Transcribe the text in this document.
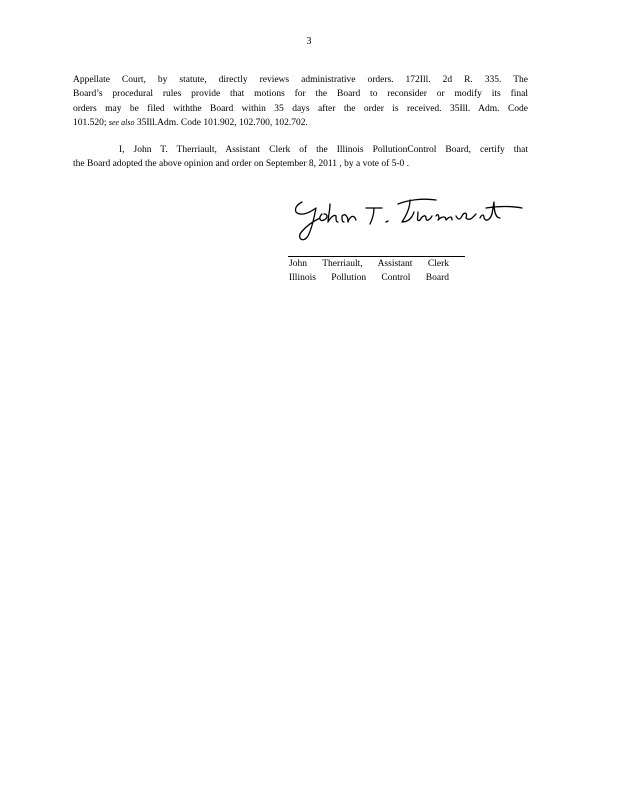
3
Appellate Court, by statute, directly reviews administrative orders. 172Ill. 2d R. 335. The
Board’s procedural rules provide that motions for the Board to reconsider or modify its final
orders may be filed withthe Board within 35 days after the order is received. 35Ill. Adm. Code
101.520; see also 35Ill.Adm. Code 101.902, 102.700, 102.702.
I, John T. Therriault, Assistant Clerk of the Illinois PollutionControl Board, certify that
the Board adopted the above opinion and order on September 8, 2011 , by a vote of 5-0 .
John Therriault, Assistant Clerk
Illinois Pollution Control Board
